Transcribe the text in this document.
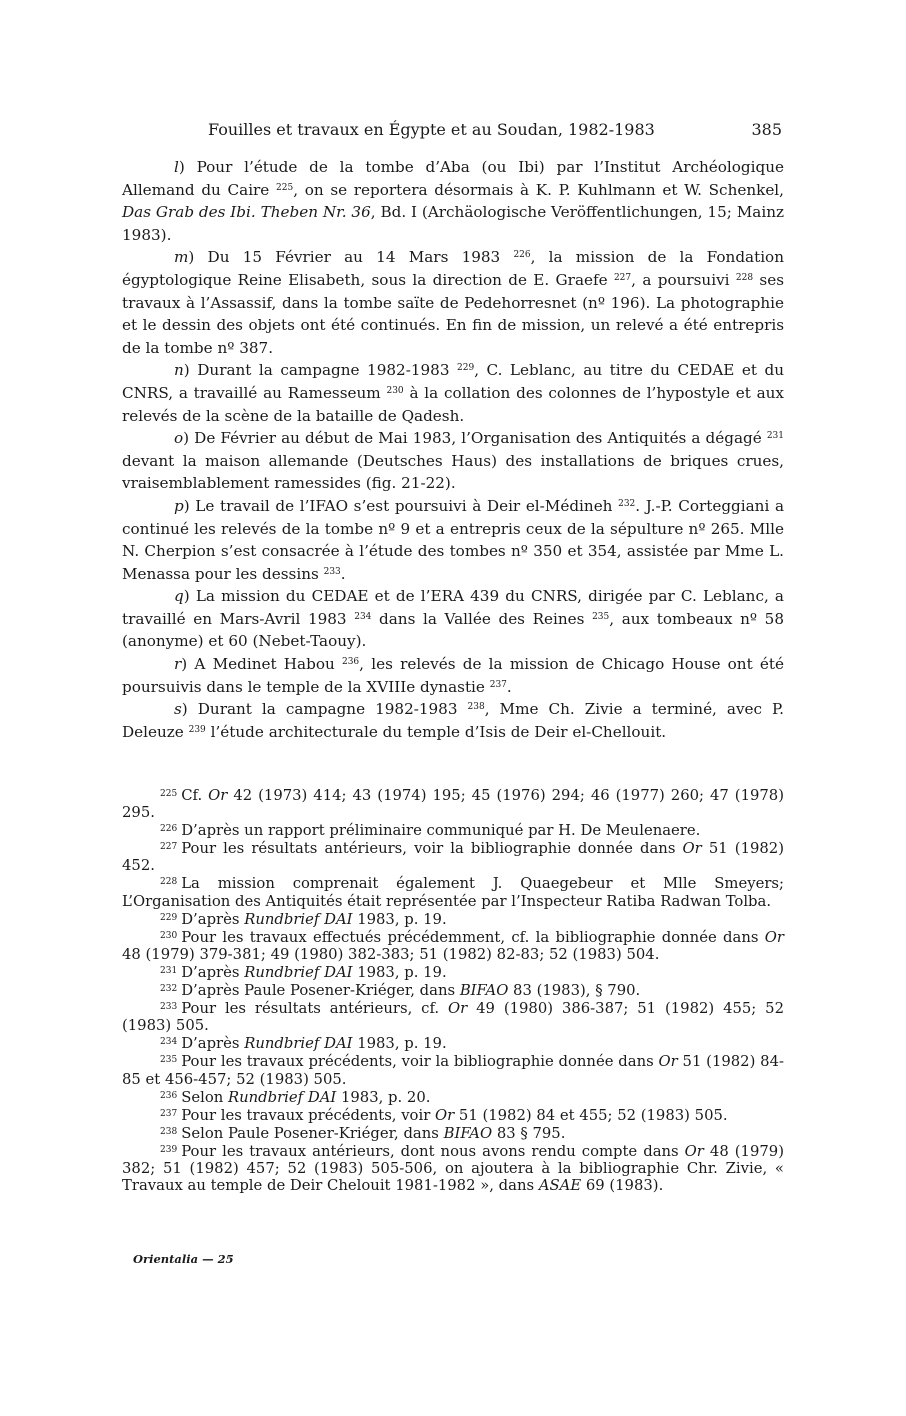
Fouilles et travaux en Égypte et au Soudan, 1982-1983	385

l) Pour l’étude de la tombe d’Aba (ou Ibi) par l’Institut Archéologique Allemand du Caire $^{225}$, on se reportera désormais à K. P. Kuhlmann et W. Schenkel, Das Grab des Ibi. Theben Nr. 36, Bd. I (Archäologische Veröffentlichungen, 15; Mainz 1983).

m) Du 15 Février au 14 Mars 1983 $^{226}$, la mission de la Fondation égyptologique Reine Elisabeth, sous la direction de E. Graefe $^{227}$, a poursuivi $^{228}$ ses travaux à l’Assassif, dans la tombe saïte de Pedehorresnet (nº 196). La photographie et le dessin des objets ont été continués. En fin de mission, un relevé a été entrepris de la tombe nº 387.

n) Durant la campagne 1982-1983 $^{229}$, C. Leblanc, au titre du CEDAE et du CNRS, a travaillé au Ramesseum $^{230}$ à la collation des colonnes de l’hypostyle et aux relevés de la scène de la bataille de Qadesh.

o) De Février au début de Mai 1983, l’Organisation des Antiquités a dégagé $^{231}$ devant la maison allemande (Deutsches Haus) des installations de briques crues, vraisemblablement ramessides (fig. 21-22).

p) Le travail de l’IFAO s’est poursuivi à Deir el-Médineh $^{232}$. J.-P. Corteggiani a continué les relevés de la tombe nº 9 et a entrepris ceux de la sépulture nº 265. Mlle N. Cherpion s’est consacrée à l’étude des tombes nº 350 et 354, assistée par Mme L. Menassa pour les dessins $^{233}$.

q) La mission du CEDAE et de l’ERA 439 du CNRS, dirigée par C. Leblanc, a travaillé en Mars-Avril 1983 $^{234}$ dans la Vallée des Reines $^{235}$, aux tombeaux nº 58 (anonyme) et 60 (Nebet-Taouy).

r) A Medinet Habou $^{236}$, les relevés de la mission de Chicago House ont été poursuivis dans le temple de la XVIIIe dynastie $^{237}$.

s) Durant la campagne 1982-1983 $^{238}$, Mme Ch. Zivie a terminé, avec P. Deleuze $^{239}$ l’étude architecturale du temple d’Isis de Deir el-Chellouit.

$^{225}$ Cf. Or 42 (1973) 414; 43 (1974) 195; 45 (1976) 294; 46 (1977) 260; 47 (1978) 295.

$^{226}$ D’après un rapport préliminaire communiqué par H. De Meulenaere.

$^{227}$ Pour les résultats antérieurs, voir la bibliographie donnée dans Or 51 (1982) 452.

$^{228}$ La mission comprenait également J. Quaegebeur et Mlle Smeyers; L’Organisation des Antiquités était représentée par l’Inspecteur Ratiba Radwan Tolba.

$^{229}$ D’après Rundbrief DAI 1983, p. 19.

$^{230}$ Pour les travaux effectués précédemment, cf. la bibliographie donnée dans Or 48 (1979) 379-381; 49 (1980) 382-383; 51 (1982) 82-83; 52 (1983) 504.

$^{231}$ D’après Rundbrief DAI 1983, p. 19.

$^{232}$ D’après Paule Posener-Kriéger, dans BIFAO 83 (1983), § 790.

$^{233}$ Pour les résultats antérieurs, cf. Or 49 (1980) 386-387; 51 (1982) 455; 52 (1983) 505.

$^{234}$ D’après Rundbrief DAI 1983, p. 19.

$^{235}$ Pour les travaux précédents, voir la bibliographie donnée dans Or 51 (1982) 84-85 et 456-457; 52 (1983) 505.

$^{236}$ Selon Rundbrief DAI 1983, p. 20.

$^{237}$ Pour les travaux précédents, voir Or 51 (1982) 84 et 455; 52 (1983) 505.

$^{238}$ Selon Paule Posener-Kriéger, dans BIFAO 83 § 795.

$^{239}$ Pour les travaux antérieurs, dont nous avons rendu compte dans Or 48 (1979) 382; 51 (1982) 457; 52 (1983) 505-506, on ajoutera à la bibliographie Chr. Zivie, « Travaux au temple de Deir Chelouit 1981-1982 », dans ASAE 69 (1983).

Orientalia — 25
